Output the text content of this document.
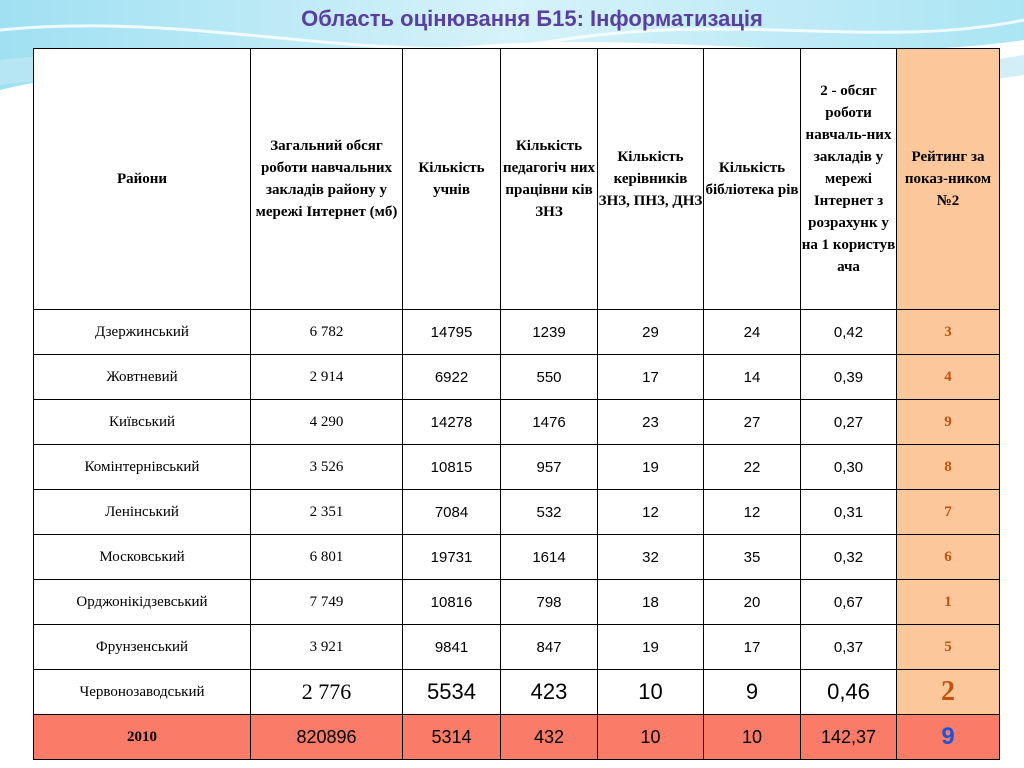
Область оцінювання Б15: Інформатизація
Райони	Загальний обсяг роботи навчальних закладів району у мережі Інтернет (мб)	Кількість учнів	Кількість педагогіч них працівни ків ЗНЗ	Кількість керівників ЗНЗ, ПНЗ, ДНЗ	Кількість бібліотека рів	2 - обсяг роботи навчаль-них закладів у мережі Інтернет з розрахунк у на 1 користув ача	Рейтинг за показ-ником №2
Дзержинський	6 782	14795	1239	29	24	0,42	3
Жовтневий	2 914	6922	550	17	14	0,39	4
Київський	4 290	14278	1476	23	27	0,27	9
Комінтернівський	3 526	10815	957	19	22	0,30	8
Ленінський	2 351	7084	532	12	12	0,31	7
Московський	6 801	19731	1614	32	35	0,32	6
Орджонікідзевський	7 749	10816	798	18	20	0,67	1
Фрунзенський	3 921	9841	847	19	17	0,37	5
Червонозаводський	2 776	5534	423	10	9	0,46	2
2010	820896	5314	432	10	10	142,37	9
